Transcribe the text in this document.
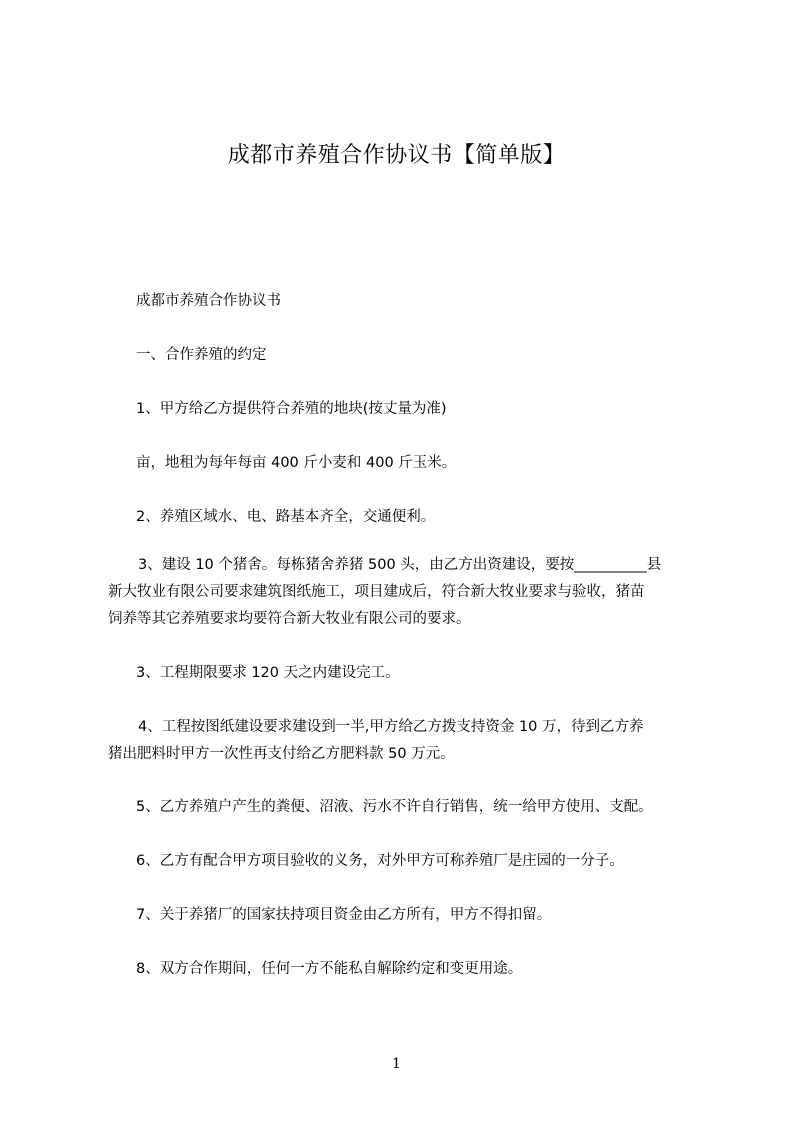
成都市养殖合作协议书【简单版】
成都市养殖合作协议书
一、合作养殖的约定
1、甲方给乙方提供符合养殖的地块(按丈量为准)
亩，地租为每年每亩 400 斤小麦和 400 斤玉米。
2、养殖区域水、电、路基本齐全，交通便利。
3、建设 10 个猪舍。每栋猪舍养猪 500 头，由乙方出资建设，要按__________县
新大牧业有限公司要求建筑图纸施工，项目建成后，符合新大牧业要求与验收，猪苗
饲养等其它养殖要求均要符合新大牧业有限公司的要求。
3、工程期限要求 120 天之内建设完工。
4、工程按图纸建设要求建设到一半,甲方给乙方拨支持资金 10 万，待到乙方养
猪出肥料时甲方一次性再支付给乙方肥料款 50 万元。
5、乙方养殖户产生的粪便、沼液、污水不许自行销售，统一给甲方使用、支配。
6、乙方有配合甲方项目验收的义务，对外甲方可称养殖厂是庄园的一分子。
7、关于养猪厂的国家扶持项目资金由乙方所有，甲方不得扣留。
8、双方合作期间，任何一方不能私自解除约定和变更用途。
1
